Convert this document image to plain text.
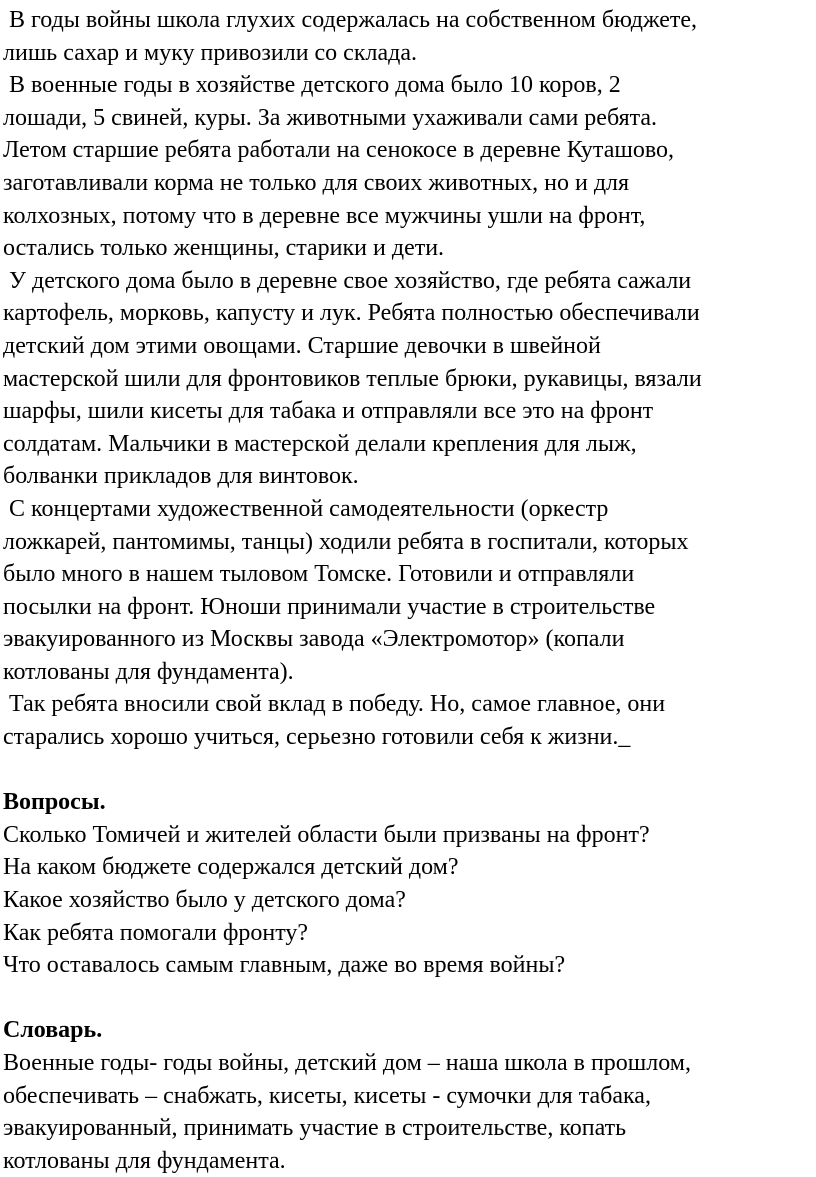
В годы войны школа глухих содержалась на собственном бюджете,
лишь сахар и муку привозили со склада.

В военные годы в хозяйстве детского дома было 10 коров, 2
лошади, 5 свиней, куры. За животными ухаживали сами ребята.
Летом старшие ребята работали на сенокосе в деревне Куташово,
заготавливали корма не только для своих животных, но и для
колхозных, потому что в деревне все мужчины ушли на фронт,
остались только женщины, старики и дети.

У детского дома было в деревне свое хозяйство, где ребята сажали
картофель, морковь, капусту и лук. Ребята полностью обеспечивали
детский дом этими овощами. Старшие девочки в швейной
мастерской шили для фронтовиков теплые брюки, рукавицы, вязали
шарфы, шили кисеты для табака и отправляли все это на фронт
солдатам. Мальчики в мастерской делали крепления для лыж,
болванки прикладов для винтовок.

С концертами художественной самодеятельности (оркестр
ложкарей, пантомимы, танцы) ходили ребята в госпитали, которых
было много в нашем тыловом Томске. Готовили и отправляли
посылки на фронт. Юноши принимали участие в строительстве
эвакуированного из Москвы завода «Электромотор» (копали
котлованы для фундамента).

Так ребята вносили свой вклад в победу. Но, самое главное, они
старались хорошо учиться, серьезно готовили себя к жизни._

Вопросы.

Сколько Томичей и жителей области были призваны на фронт?
На каком бюджете содержался детский дом?
Какое хозяйство было у детского дома?
Как ребята помогали фронту?
Что оставалось самым главным, даже во время войны?

Словарь.

Военные годы- годы войны, детский дом – наша школа в прошлом,
обеспечивать – снабжать, кисеты, кисеты - сумочки для табака,
эвакуированный, принимать участие в строительстве, копать
котлованы для фундамента.
